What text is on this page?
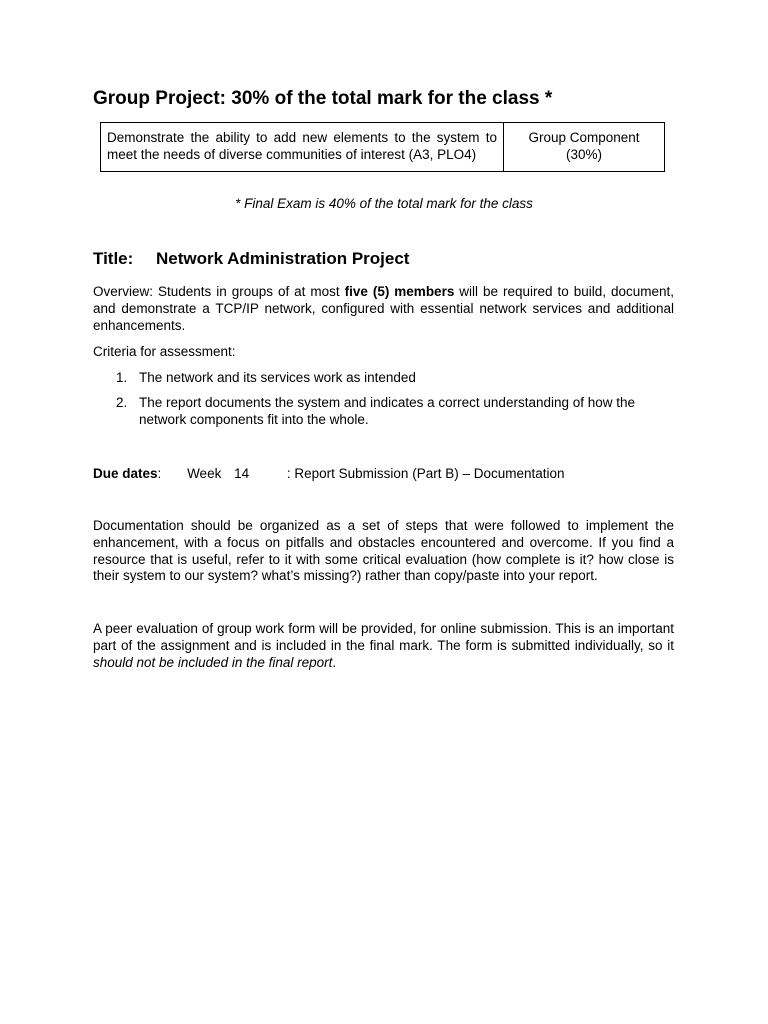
Group Project: 30% of the total mark for the class *
Demonstrate the ability to add new elements to the system to meet the needs of diverse communities of interest (A3, PLO4)	Group Component
(30%)
* Final Exam is 40% of the total mark for the class
Title: Network Administration Project

Overview: Students in groups of at most five (5) members will be required to build, document, and demonstrate a TCP/IP network, configured with essential network services and additional enhancements.

Criteria for assessment:

1. The network and its services work as intended
2. The report documents the system and indicates a correct understanding of how the network components fit into the whole.
Due dates: Week 14	: Report Submission (Part B) – Documentation

Documentation should be organized as a set of steps that were followed to implement the enhancement, with a focus on pitfalls and obstacles encountered and overcome. If you find a resource that is useful, refer to it with some critical evaluation (how complete is it? how close is their system to our system? what’s missing?) rather than copy/paste into your report.

A peer evaluation of group work form will be provided, for online submission. This is an important part of the assignment and is included in the final mark. The form is submitted individually, so it should not be included in the final report.
